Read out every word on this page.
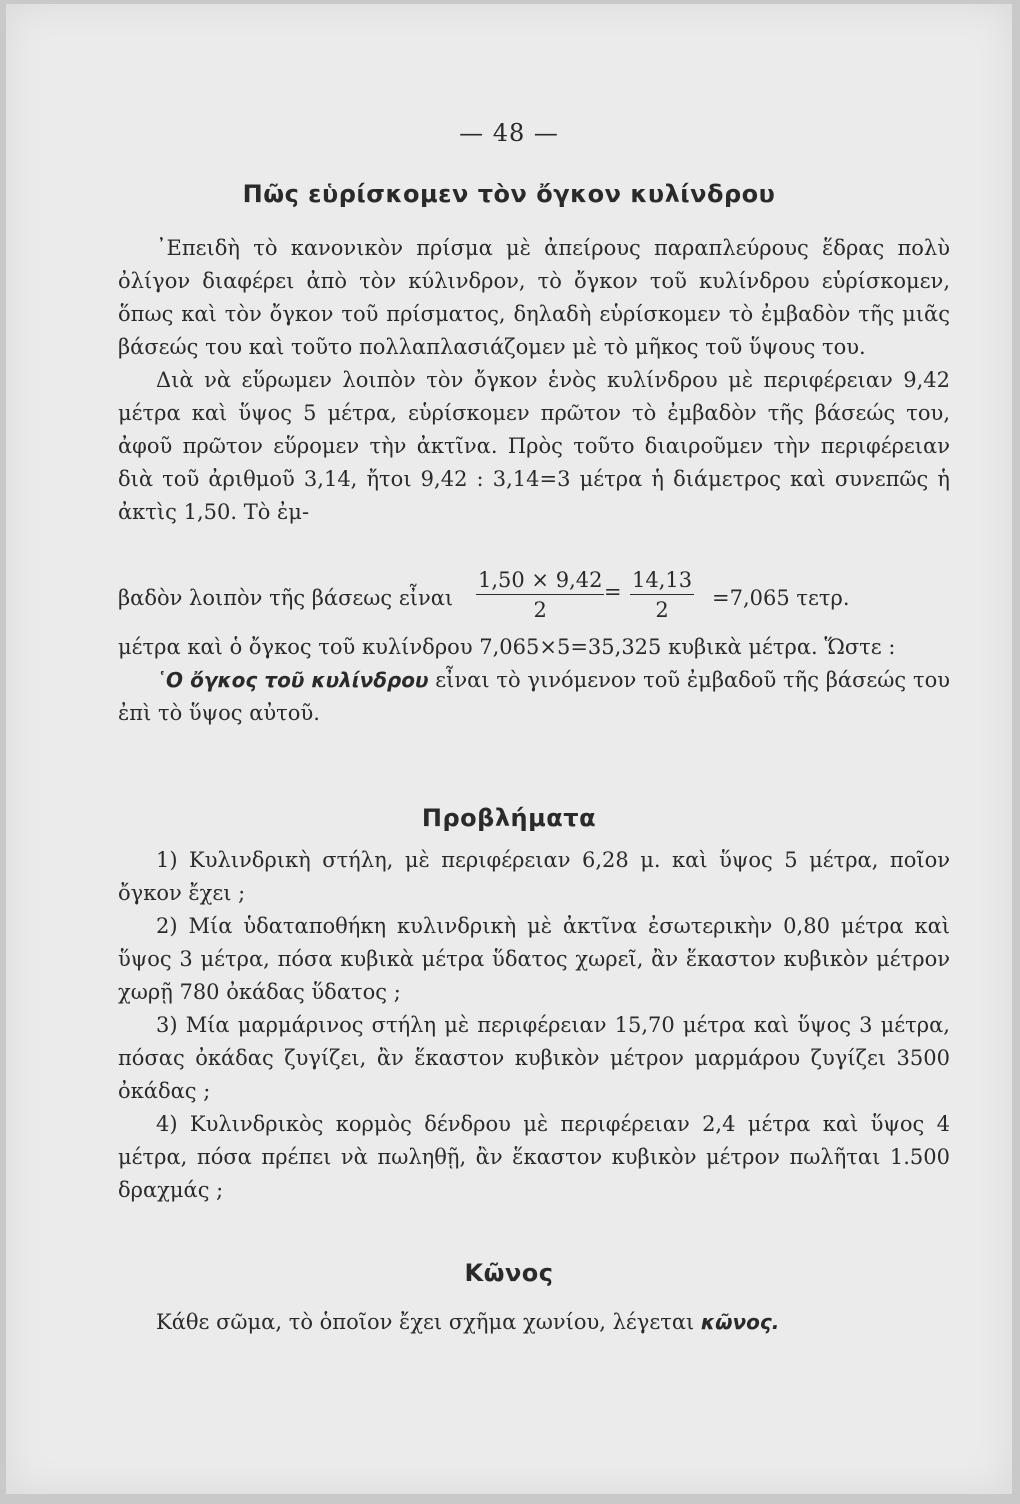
— 48 —
Πῶς εὑρίσκομεν τὸν ὄγκον κυλίνδρου

᾿Επειδὴ τὸ κανονικὸν πρίσμα μὲ ἀπείρους παραπλεύρους ἕδρας πολὺ ὀλίγον διαφέρει ἀπὸ τὸν κύλινδρον, τὸ ὄγκον τοῦ κυλίνδρου εὑρίσκομεν, ὅπως καὶ τὸν ὄγκον τοῦ πρίσματος, δηλαδὴ εὑρίσκομεν τὸ ἐμβαδὸν τῆς μιᾶς βάσεώς του καὶ τοῦτο πολλαπλασιάζομεν μὲ τὸ μῆκος τοῦ ὕψους του.

Διὰ νὰ εὕρωμεν λοιπὸν τὸν ὄγκον ἑνὸς κυλίνδρου μὲ περιφέρειαν 9,42 μέτρα καὶ ὕψος 5 μέτρα, εὑρίσκομεν πρῶτον τὸ ἐμβαδὸν τῆς βάσεώς του, ἀφοῦ πρῶτον εὕρομεν τὴν ἀκτῖνα. Πρὸς τοῦτο διαιροῦμεν τὴν περιφέρειαν διὰ τοῦ ἀριθμοῦ 3,14, ἤτοι 9,42 : 3,14=3 μέτρα ἡ διάμετρος καὶ συνεπῶς ἡ ἀκτὶς 1,50. Τὸ ἐμ-

βαδὸν λοιπὸν τῆς βάσεως εἶναι $\frac{1,50 \times 9,42}{2} = \frac{14,13}{2} =7,065$ τετρ.

μέτρα καὶ ὁ ὄγκος τοῦ κυλίνδρου 7,065×5=35,325 κυβικὰ μέτρα. Ὥστε :

῾Ο ὄγκος τοῦ κυλίνδρου εἶναι τὸ γινόμενον τοῦ ἐμβαδοῦ τῆς βάσεώς του ἐπὶ τὸ ὕψος αὐτοῦ.

Προβλήματα

1) Κυλινδρικὴ στήλη, μὲ περιφέρειαν 6,28 μ. καὶ ὕψος 5 μέτρα, ποῖον ὄγκον ἔχει ;

2) Μία ὑδαταποθήκη κυλινδρικὴ μὲ ἀκτῖνα ἐσωτερικὴν 0,80 μέτρα καὶ ὕψος 3 μέτρα, πόσα κυβικὰ μέτρα ὕδατος χωρεῖ, ἂν ἕκαστον κυβικὸν μέτρον χωρῇ 780 ὀκάδας ὕδατος ;

3) Μία μαρμάρινος στήλη μὲ περιφέρειαν 15,70 μέτρα καὶ ὕψος 3 μέτρα, πόσας ὀκάδας ζυγίζει, ἂν ἕκαστον κυβικὸν μέτρον μαρμάρου ζυγίζει 3500 ὀκάδας ;

4) Κυλινδρικὸς κορμὸς δένδρου μὲ περιφέρειαν 2,4 μέτρα καὶ ὕψος 4 μέτρα, πόσα πρέπει νὰ πωληθῇ, ἂν ἕκαστον κυβικὸν μέτρον πωλῆται 1.500 δραχμάς ;

Κῶνος

Κάθε σῶμα, τὸ ὁποῖον ἔχει σχῆμα χωνίου, λέγεται κῶνος.
